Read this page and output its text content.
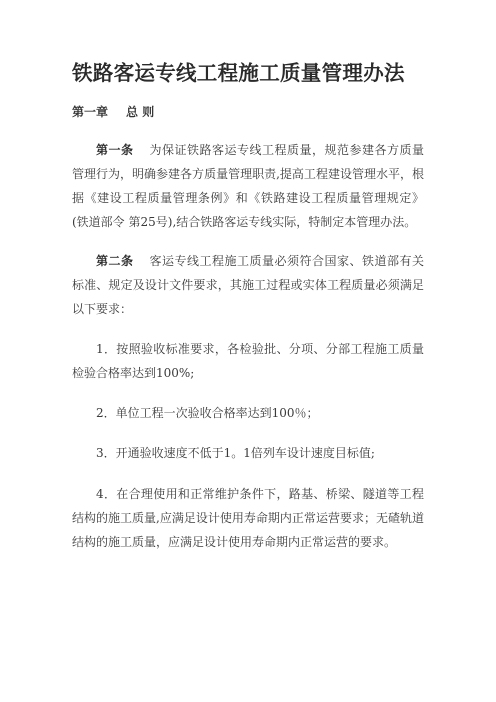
铁路客运专线工程施工质量管理办法
第一章 总 则

第一条 为保证铁路客运专线工程质量，规范参建各方质量管理行为，明确参建各方质量管理职责,提高工程建设管理水平，根据《建设工程质量管理条例》和《铁路建设工程质量管理规定》(铁道部令 第25号),结合铁路客运专线实际，特制定本管理办法。

第二条 客运专线工程施工质量必须符合国家、铁道部有关标准、规定及设计文件要求，其施工过程或实体工程质量必须满足以下要求：

1．按照验收标准要求，各检验批、分项、分部工程施工质量检验合格率达到100%;

2．单位工程一次验收合格率达到100％；

3．开通验收速度不低于1。1倍列车设计速度目标值;

4．在合理使用和正常维护条件下，路基、桥梁、隧道等工程结构的施工质量,应满足设计使用寿命期内正常运营要求；无碴轨道结构的施工质量，应满足设计使用寿命期内正常运营的要求。
